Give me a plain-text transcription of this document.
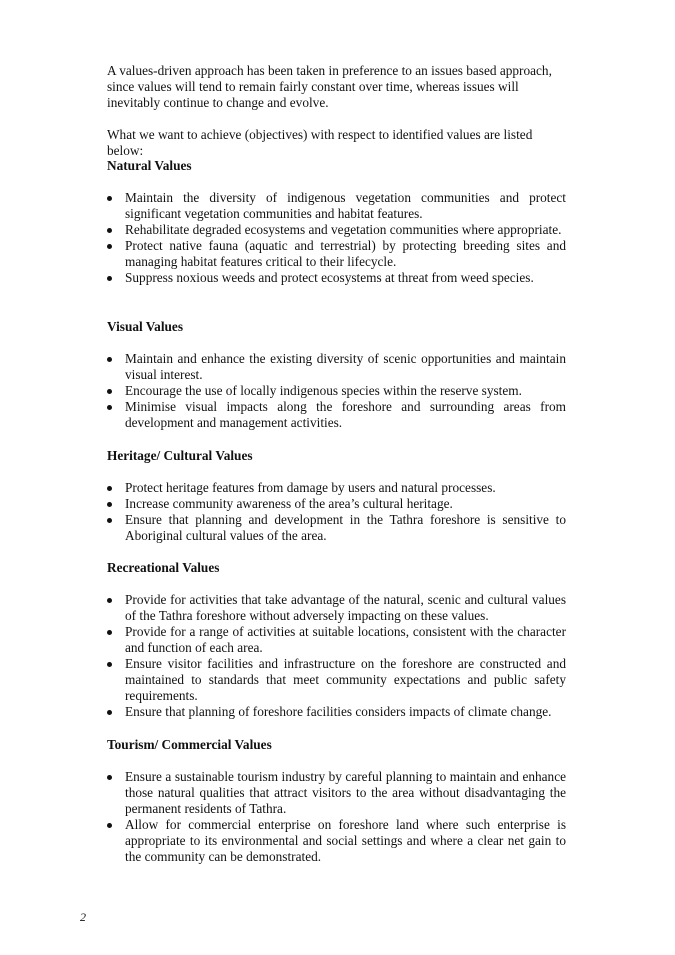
A values-driven approach has been taken in preference to an issues based approach, since values will tend to remain fairly constant over time, whereas issues will inevitably continue to change and evolve.

What we want to achieve (objectives) with respect to identified values are listed below:

Natural Values

Maintain the diversity of indigenous vegetation communities and protect significant vegetation communities and habitat features.
Rehabilitate degraded ecosystems and vegetation communities where appropriate.
Protect native fauna (aquatic and terrestrial) by protecting breeding sites and managing habitat features critical to their lifecycle.
Suppress noxious weeds and protect ecosystems at threat from weed species.

Visual Values

Maintain and enhance the existing diversity of scenic opportunities and maintain visual interest.
Encourage the use of locally indigenous species within the reserve system.
Minimise visual impacts along the foreshore and surrounding areas from development and management activities.

Heritage/ Cultural Values

Protect heritage features from damage by users and natural processes.
Increase community awareness of the area’s cultural heritage.
Ensure that planning and development in the Tathra foreshore is sensitive to Aboriginal cultural values of the area.

Recreational Values

Provide for activities that take advantage of the natural, scenic and cultural values of the Tathra foreshore without adversely impacting on these values.
Provide for a range of activities at suitable locations, consistent with the character and function of each area.
Ensure visitor facilities and infrastructure on the foreshore are constructed and maintained to standards that meet community expectations and public safety requirements.
Ensure that planning of foreshore facilities considers impacts of climate change.

Tourism/ Commercial Values

Ensure a sustainable tourism industry by careful planning to maintain and enhance those natural qualities that attract visitors to the area without disadvantaging the permanent residents of Tathra.
Allow for commercial enterprise on foreshore land where such enterprise is appropriate to its environmental and social settings and where a clear net gain to the community can be demonstrated.
2
